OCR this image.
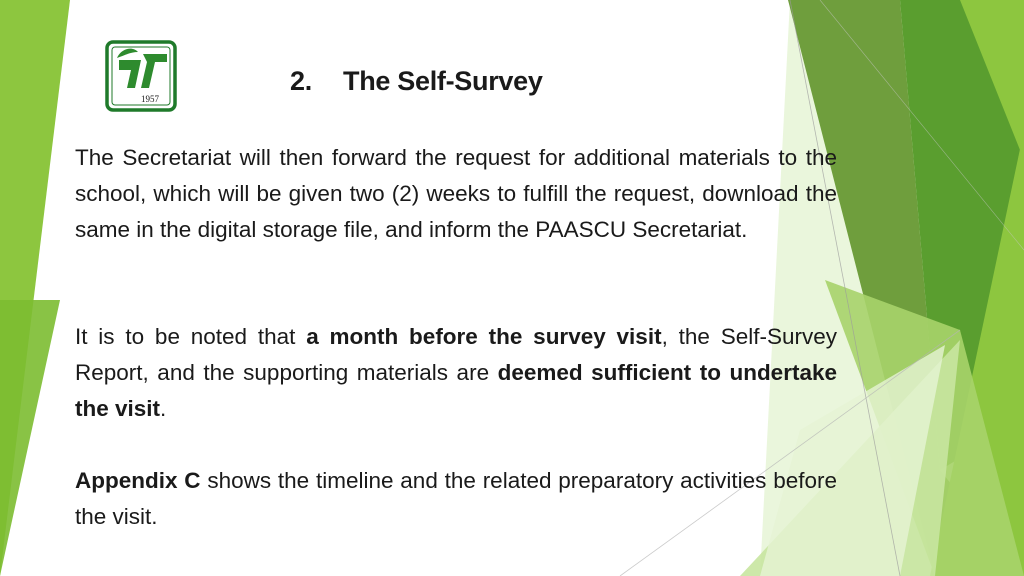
1957
2. The Self-Survey

The Secretariat will then forward the request for additional materials to the school, which will be given two (2) weeks to fulfill the request, download the same in the digital storage file, and inform the PAASCU Secretariat.

It is to be noted that a month before the survey visit, the Self-Survey Report, and the supporting materials are deemed sufficient to undertake the visit.

Appendix C shows the timeline and the related preparatory activities before the visit.
